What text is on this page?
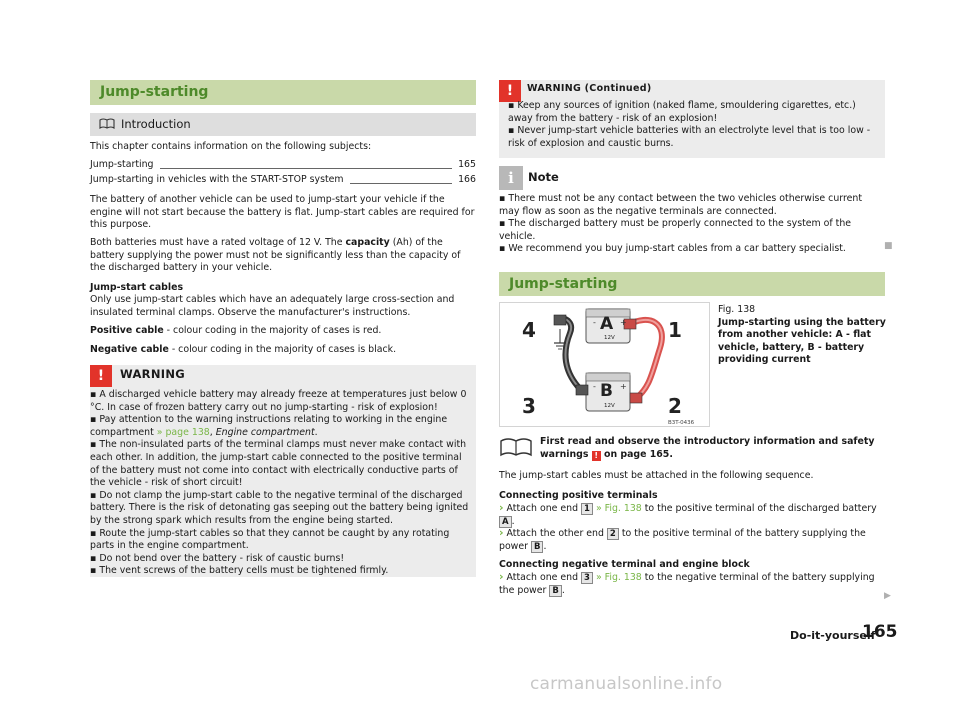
Jump-starting
Introduction
This chapter contains information on the following subjects:
Jump-starting	165
Jump-starting in vehicles with the START-STOP system	166
The battery of another vehicle can be used to jump-start your vehicle if the engine will not start because the battery is flat. Jump-start cables are required for this purpose.
Both batteries must have a rated voltage of 12 V. The capacity (Ah) of the battery supplying the power must not be significantly less than the capacity of the discharged battery in your vehicle.
Jump-start cables
Only use jump-start cables which have an adequately large cross-section and insulated terminal clamps. Observe the manufacturer's instructions.
Positive cable - colour coding in the majority of cases is red.
Negative cable - colour coding in the majority of cases is black.
!	WARNING
▪ A discharged vehicle battery may already freeze at temperatures just below 0 °C. In case of frozen battery carry out no jump-starting - risk of explosion!
▪ Pay attention to the warning instructions relating to working in the engine compartment » page 138, Engine compartment.
▪ The non-insulated parts of the terminal clamps must never make contact with each other. In addition, the jump-start cable connected to the positive terminal of the battery must not come into contact with electrically conductive parts of the vehicle - risk of short circuit!
▪ Do not clamp the jump-start cable to the negative terminal of the discharged battery. There is the risk of detonating gas seeping out the battery being ignited by the strong spark which results from the engine being started.
▪ Route the jump-start cables so that they cannot be caught by any rotating parts in the engine compartment.
▪ Do not bend over the battery - risk of caustic burns!
▪ The vent screws of the battery cells must be tightened firmly.
!	WARNING (Continued)
▪ Keep any sources of ignition (naked flame, smouldering cigarettes, etc.) away from the battery - risk of an explosion!
▪ Never jump-start vehicle batteries with an electrolyte level that is too low - risk of explosion and caustic burns.
i	Note
▪ There must not be any contact between the two vehicles otherwise current may flow as soon as the negative terminals are connected.
▪ The discharged battery must be properly connected to the system of the vehicle.
▪ We recommend you buy jump-start cables from a car battery specialist.	■
Jump-starting
-	+
-	+
A
B
12V
12V
1
2
3
4
B3T-0436
Fig. 138
Jump-starting using the battery from another vehicle: A - flat vehicle, battery, B - battery providing current
First read and observe the introductory information and safety warnings ! on page 165.
The jump-start cables must be attached in the following sequence.
Connecting positive terminals
› Attach one end 1 » Fig. 138 to the positive terminal of the discharged battery A .
› Attach the other end 2 to the positive terminal of the battery supplying the power B .
Connecting negative terminal and engine block
› Attach one end 3 » Fig. 138 to the negative terminal of the battery supplying the power B .
▶
Do-it-yourself
165
carmanualsonline.info
